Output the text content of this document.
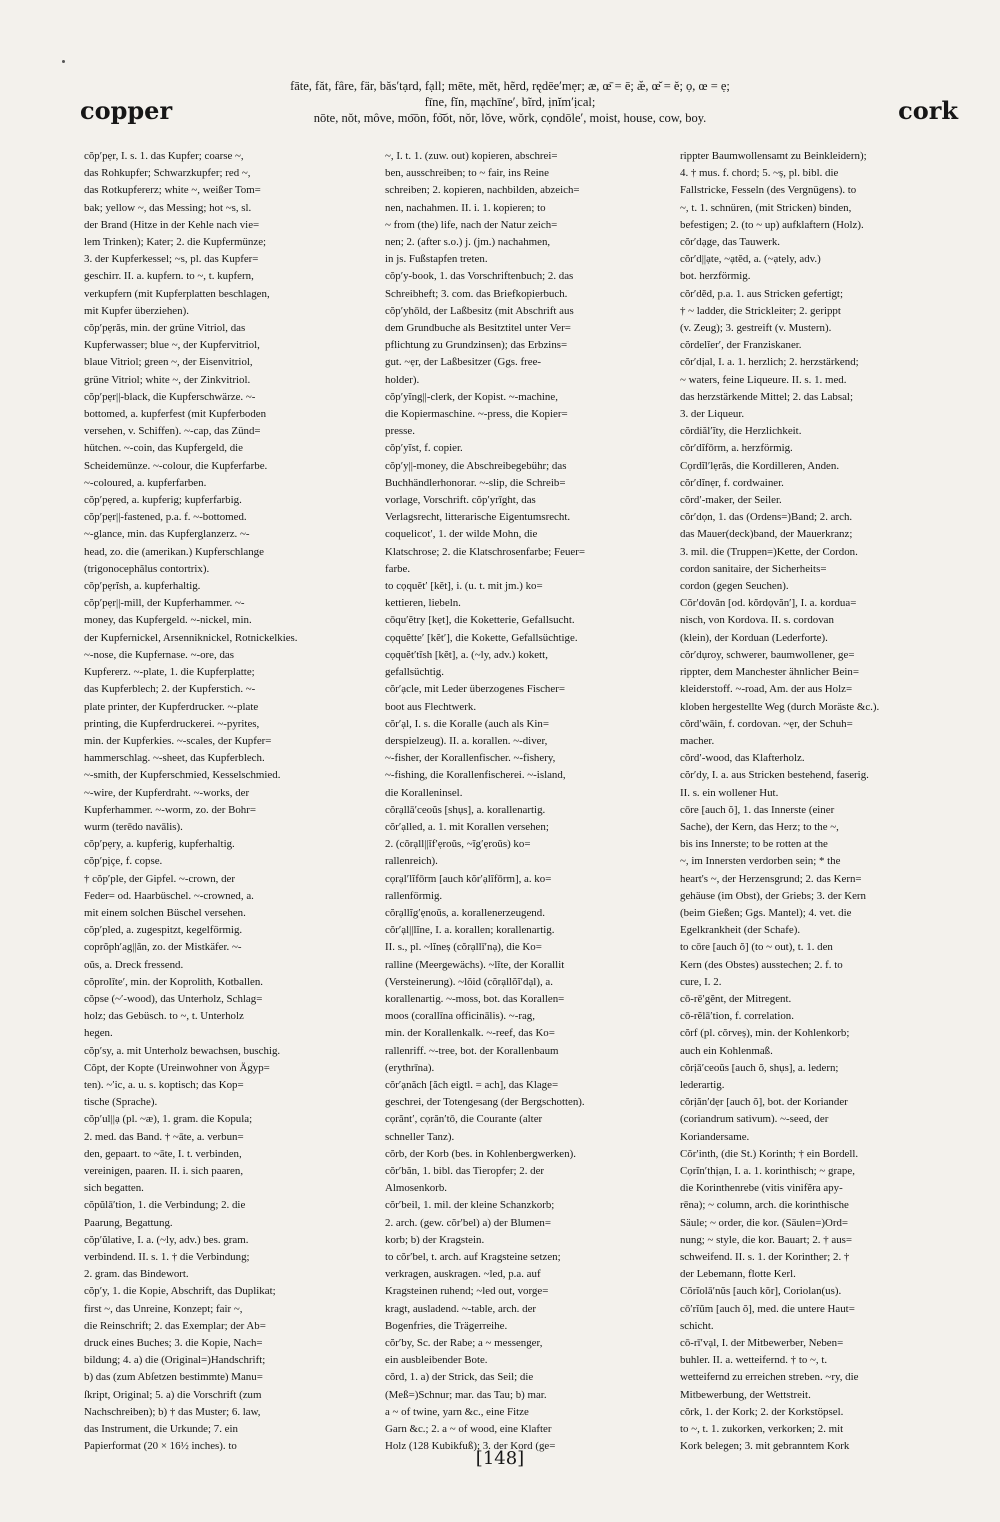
copper
fāte, făt, fâre, fär, băs′tạrd, fạll; mēte, mĕt, hẽrd, rędēe′mẹr; æ, œ̄ = ē; æ̆, œ̆ = ĕ; ọ, œ = ẹ;
fīne, fĭn, mạchīne′, bĩrd, ịnĭm′ịcal;
nōte, nŏt, môve, mo͞on, fo͝ot, nŏr, lŏve, wŏrk, cọndōle′, moist, house, cow, boy.	cork
cŏp′pẹr, I. s. 1. das Kupfer; coarse ~,
das Rohkupfer; Schwarzkupfer; red ~,
das Rotkupfererz; white ~, weißer Tom=
bak; yellow ~, das Messing; hot ~s, sl.
der Brand (Hitze in der Kehle nach vie=
lem Trinken); Kater; 2. die Kupfermünze;
3. der Kupferkessel; ~s, pl. das Kupfer=
geschirr. II. a. kupfern. to ~, t. kupfern,
verkupfern (mit Kupferplatten beschlagen,
mit Kupfer überziehen).
cŏp′pẹrăs, min. der grüne Vitriol, das
Kupferwasser; blue ~, der Kupfervitriol,
blaue Vitriol; green ~, der Eisenvitriol,
grüne Vitriol; white ~, der Zinkvitriol.
cŏp′pẹr||-black, die Kupferschwärze. ~-
bottomed, a. kupferfest (mit Kupferboden
versehen, v. Schiffen). ~-cap, das Zünd=
hütchen. ~-coin, das Kupfergeld, die
Scheidemünze. ~-colour, die Kupferfarbe.
~-coloured, a. kupferfarben.
cŏp′pẹred, a. kupferig; kupferfarbig.
cŏp′pẹr||-fastened, p.a. f. ~-bottomed.
~-glance, min. das Kupferglanzerz. ~-
head, zo. die (amerikan.) Kupferschlange
(trigonocephălus contortrix).
cŏp′pẹrĭsh, a. kupferhaltig.
cŏp′pẹr||-mill, der Kupferhammer. ~-
money, das Kupfergeld. ~-nickel, min.
der Kupfernickel, Arsenniknickel, Rotnickelkies.
~-nose, die Kupfernase. ~-ore, das
Kupfererz. ~-plate, 1. die Kupferplatte;
das Kupferblech; 2. der Kupferstich. ~-
plate printer, der Kupferdrucker. ~-plate
printing, die Kupferdruckerei. ~-pyrites,
min. der Kupferkies. ~-scales, der Kupfer=
hammerschlag. ~-sheet, das Kupferblech.
~-smith, der Kupferschmied, Kesselschmied.
~-wire, der Kupferdraht. ~-works, der
Kupferhammer. ~-worm, zo. der Bohr=
wurm (terēdo navālis).
cŏp′pẹry, a. kupferig, kupferhaltig.
cŏp′pịçe, f. copse.
† cŏp′ple, der Gipfel. ~-crown, der
Feder= od. Haarbüschel. ~-crowned, a.
mit einem solchen Büschel versehen.
cŏp′pled, a. zugespitzt, kegelförmig.
coprŏph′ag||ăn, zo. der Mistkäfer. ~-
oŭs, a. Dreck fressend.
cŏprolīte′, min. der Koprolith, Kotballen.
cŏpse (~′-wood), das Unterholz, Schlag=
holz; das Gebüsch. to ~, t. Unterholz
hegen.
cŏp′sy, a. mit Unterholz bewachsen, buschig.
Cŏpt, der Kopte (Ureinwohner von Ägyp=
ten). ~′ic, a. u. s. koptisch; das Kop=
tische (Sprache).
cŏp′ul||ạ (pl. ~æ), 1. gram. die Kopula;
2. med. das Band. † ~āte, a. verbun=
den, gepaart. to ~āte, I. t. verbinden,
vereinigen, paaren. II. i. sich paaren,
sich begatten.
cŏpŭlā′tion, 1. die Verbindung; 2. die
Paarung, Begattung.
cŏp′ŭlative, I. a. (~ly, adv.) bes. gram.
verbindend. II. s. 1. † die Verbindung;
2. gram. das Bindewort.
cŏp′y, 1. die Kopie, Abschrift, das Duplikat;
first ~, das Unreine, Konzept; fair ~,
die Reinschrift; 2. das Exemplar; der Ab=
druck eines Buches; 3. die Kopie, Nach=
bildung; 4. a) die (Original=)Handschrift;
b) das (zum Abſetzen bestimmte) Manu=
ſkript, Original; 5. a) die Vorschrift (zum
Nachschreiben); b) † das Muster; 6. law,
das Instrument, die Urkunde; 7. ein
Papierformat (20 × 16½ inches). to
~, I. t. 1. (zuw. out) kopieren, abschrei=
ben, ausschreiben; to ~ fair, ins Reine
schreiben; 2. kopieren, nachbilden, abzeich=
nen, nachahmen. II. i. 1. kopieren; to
~ from (the) life, nach der Natur zeich=
nen; 2. (after s.o.) j. (jm.) nachahmen,
in js. Fußstapfen treten.
cŏp′y-book, 1. das Vorschriftenbuch; 2. das
Schreibheft; 3. com. das Briefkopierbuch.
cŏp′yhōld, der Laßbesitz (mit Abschrift aus
dem Grundbuche als Besitztitel unter Ver=
pflichtung zu Grundzinsen); das Erbzins=
gut. ~ẹr, der Laßbesitzer (Ggs. free-
holder).
cŏp′yĭng||-clerk, der Kopist. ~-machine,
die Kopiermaschine. ~-press, die Kopier=
presse.
cŏp′yĭst, f. copier.
cŏp′y||-money, die Abschreibegebühr; das
Buchhändlerhonorar. ~-slip, die Schreib=
vorlage, Vorschrift. cŏp′yrīght, das
Verlagsrecht, litterarische Eigentumsrecht.
coquelicot′, 1. der wilde Mohn, die
Klatschrose; 2. die Klatschrosenfarbe; Feuer=
farbe.
to cọquĕt′ [kĕt], i. (u. t. mit jm.) ko=
kettieren, liebeln.
cōqu′ĕtry [kẹt], die Koketterie, Gefallsucht.
cọquĕtte′ [kĕt′], die Kokette, Gefallsüchtige.
cọquĕt′tĭsh [kĕt], a. (~ly, adv.) kokett,
gefallsüchtig.
cŏr′ạcle, mit Leder überzogenes Fischer=
boot aus Flechtwerk.
cŏr′ạl, I. s. die Koralle (auch als Kin=
derspielzeug). II. a. korallen. ~-diver,
~-fisher, der Korallenfischer. ~-fishery,
~-fishing, die Korallenfischerei. ~-island,
die Koralleninsel.
cŏrạllā′ceoŭs [shụs], a. korallenartig.
cŏr′ạlled, a. 1. mit Korallen versehen;
2. (cŏrạll||ĭf′ẹroŭs, ~ĭg′ẹroŭs) ko=
rallenreich).
cọrạl′lĭfōrm [auch kŏr′ạlĭfōrm], a. ko=
rallenförmig.
cŏrạllĭg′ẹnoŭs, a. korallenerzeugend.
cŏr′ạl||lĭne, I. a. korallen; korallenartig.
II. s., pl. ~lĭneș (cŏrạllī′nạ), die Ko=
ralline (Meergewächs). ~lĭte, der Korallit
(Versteinerung). ~lŏid (cŏrạllŏĭ′dạl), a.
korallenartig. ~-moss, bot. das Korallen=
moos (corallīna officinālis). ~-rag,
min. der Korallenkalk. ~-reef, das Ko=
rallenriff. ~-tree, bot. der Korallenbaum
(erythrīna).
cŏr′ạnăch [ăch eigtl. = ach], das Klage=
geschrei, der Totengesang (der Bergschotten).
cọrănt′, cọrăn′tō, die Courante (alter
schneller Tanz).
cŏrb, der Korb (bes. in Kohlenbergwerken).
cŏr′băn, 1. bibl. das Tieropfer; 2. der
Almosenkorb.
cŏr′beil, 1. mil. der kleine Schanzkorb;
2. arch. (gew. cŏr′bel) a) der Blumen=
korb; b) der Kragstein.
to cŏr′bel, t. arch. auf Kragsteine setzen;
verkragen, auskragen. ~led, p.a. auf
Kragsteinen ruhend; ~led out, vorge=
kragt, ausladend. ~-table, arch. der
Bogenfries, die Trägerreihe.
cŏr′by, Sc. der Rabe; a ~ messenger,
ein ausbleibender Bote.
cŏrd, 1. a) der Strick, das Seil; die
(Meß=)Schnur; mar. das Tau; b) mar.
a ~ of twine, yarn &c., eine Fitze
Garn &c.; 2. a ~ of wood, eine Klafter
Holz (128 Kubikfuß); 3. der Kord (ge=
rippter Baumwollensamt zu Beinkleidern);
4. † mus. f. chord; 5. ~ș, pl. bibl. die
Fallstricke, Fesseln (des Vergnügens). to
~, t. 1. schnüren, (mit Stricken) binden,
befestigen; 2. (to ~ up) aufklaftern (Holz).
cŏr′dạge, das Tauwerk.
cŏr′d||ạte, ~ạtĕd, a. (~ạtely, adv.)
bot. herzförmig.
cŏr′dĕd, p.a. 1. aus Stricken gefertigt;
† ~ ladder, die Strickleiter; 2. gerippt
(v. Zeug); 3. gestreift (v. Mustern).
cŏrdelĭer′, der Franziskaner.
cŏr′dịal, I. a. 1. herzlich; 2. herzstärkend;
~ waters, feine Liqueure. II. s. 1. med.
das herzstärkende Mittel; 2. das Labsal;
3. der Liqueur.
cŏrdiăl′ĭty, die Herzlichkeit.
cŏr′dĭfōrm, a. herzförmig.
Cọrdĭl′lẹrăs, die Kordilleren, Anden.
cŏr′dĭnẹr, f. cordwainer.
cŏrd′-maker, der Seiler.
cŏr′dọn, 1. das (Ordens=)Band; 2. arch.
das Mauer(deck)band, der Mauerkranz;
3. mil. die (Truppen=)Kette, der Cordon.
cordon sanitaire, der Sicherheits=
cordon (gegen Seuchen).
Cŏr′dovăn [od. kŏrdọvăn′], I. a. korduа=
nisch, von Kordova. II. s. cordovan
(klein), der Korduan (Lederforte).
cŏr′dụroy, schwerer, baumwollener, ge=
rippter, dem Manchester ähnlicher Bein=
kleiderstoff. ~-road, Am. der aus Holz=
kloben hergestellte Weg (durch Moräste &c.).
cŏrd′wāin, f. cordovan. ~ẹr, der Schuh=
macher.
cŏrd′-wood, das Klafterholz.
cŏr′dy, I. a. aus Stricken bestehend, faserig.
II. s. ein wollener Hut.
cōre [auch ŏ], 1. das Innerste (einer
Sache), der Kern, das Herz; to the ~,
bis ins Innerste; to be rotten at the
~, im Innersten verdorben sein; * the
heart's ~, der Herzensgrund; 2. das Kern=
gehäuse (im Obst), der Griebs; 3. der Kern
(beim Gießen; Ggs. Mantel); 4. vet. die
Egelkrankheit (der Schafe).
to cōre [auch ŏ] (to ~ out), t. 1. den
Kern (des Obstes) ausstechen; 2. f. to
cure, I. 2.
cō-rē′gĕnt, der Mitregent.
cō-rĕlā′tion, f. correlation.
cŏrf (pl. cŏrveș), min. der Kohlenkorb;
auch ein Kohlenmaß.
cŏrịā′ceoŭs [auch ŏ, shụs], a. ledern;
lederartig.
cŏrịăn′dẹr [auch ŏ], bot. der Koriander
(coriandrum sativum). ~-seed, der
Koriandersame.
Cŏr′inth, (die St.) Korinth; † ein Bordell.
Cọrĭn′thịạn, I. a. 1. korinthisch; ~ grape,
die Korinthenrebe (vitis vinifĕra apy-
rēna); ~ column, arch. die korinthische
Säule; ~ order, die kor. (Säulen=)Ord=
nung; ~ style, die kor. Bauart; 2. † aus=
schweifend. II. s. 1. der Korinther; 2. †
der Lebemann, flotte Kerl.
Cŏrĭolā′nŭs [auch kŏr], Coriolan(us).
cō′rĭŭm [auch ŏ], med. die untere Haut=
schicht.
cō-rī′vạl, I. der Mitbewerber, Neben=
buhler. II. a. wetteifernd. † to ~, t.
wetteifernd zu erreichen streben. ~ry, die
Mitbewerbung, der Wettstreit.
cŏrk, 1. der Kork; 2. der Korkstöpsel.
to ~, t. 1. zukorken, verkorken; 2. mit
Kork belegen; 3. mit gebranntem Kork
[148]
